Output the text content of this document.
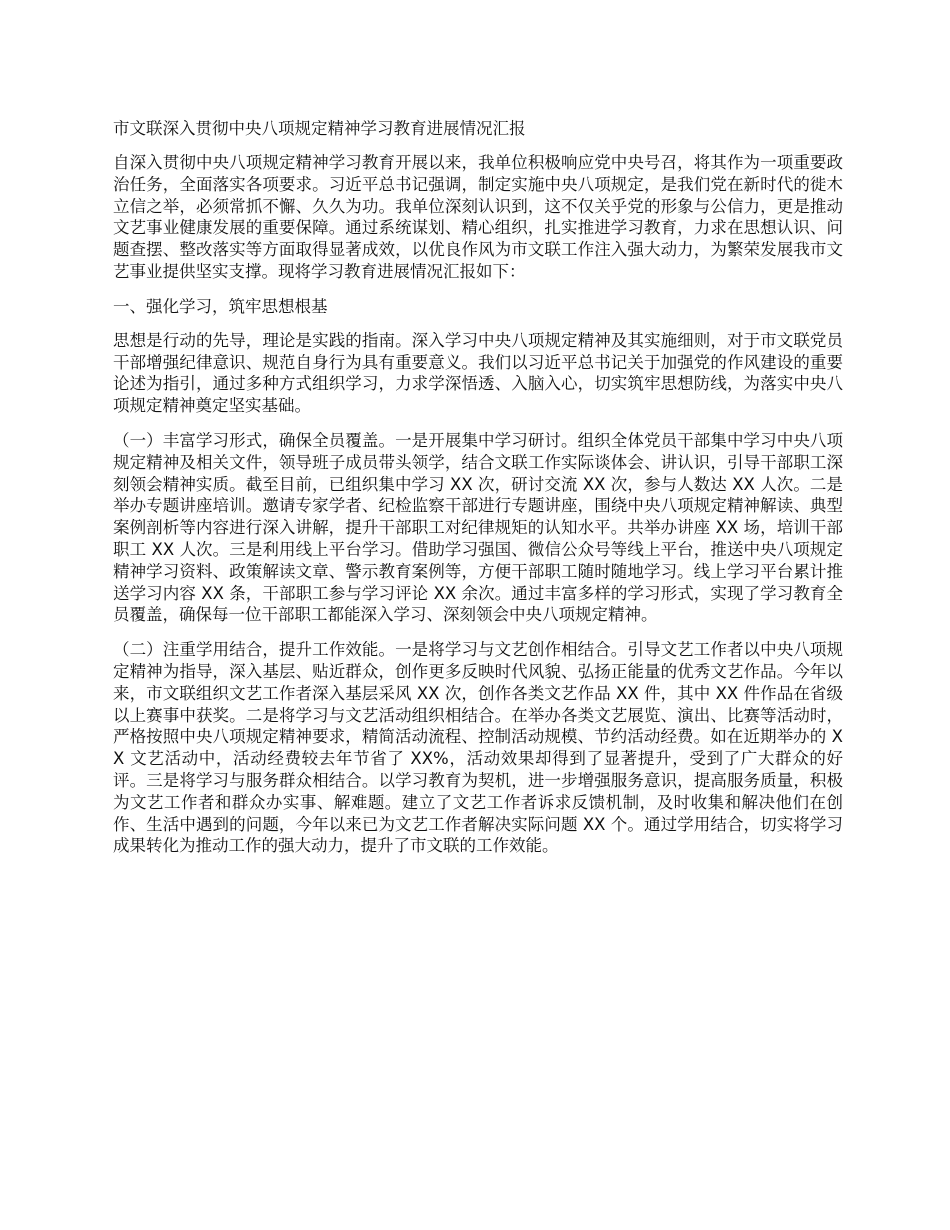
市文联深入贯彻中央八项规定精神学习教育进展情况汇报

自深入贯彻中央八项规定精神学习教育开展以来，我单位积极响应党中央号召，将其作为一项重要政治任务，全面落实各项要求。习近平总书记强调，制定实施中央八项规定，是我们党在新时代的徙木立信之举，必须常抓不懈、久久为功。我单位深刻认识到，这不仅关乎党的形象与公信力，更是推动文艺事业健康发展的重要保障。通过系统谋划、精心组织，扎实推进学习教育，力求在思想认识、问题查摆、整改落实等方面取得显著成效，以优良作风为市文联工作注入强大动力，为繁荣发展我市文艺事业提供坚实支撑。现将学习教育进展情况汇报如下：

一、强化学习，筑牢思想根基

思想是行动的先导，理论是实践的指南。深入学习中央八项规定精神及其实施细则，对于市文联党员干部增强纪律意识、规范自身行为具有重要意义。我们以习近平总书记关于加强党的作风建设的重要论述为指引，通过多种方式组织学习，力求学深悟透、入脑入心，切实筑牢思想防线，为落实中央八项规定精神奠定坚实基础。

（一）丰富学习形式，确保全员覆盖。一是开展集中学习研讨。组织全体党员干部集中学习中央八项规定精神及相关文件，领导班子成员带头领学，结合文联工作实际谈体会、讲认识，引导干部职工深刻领会精神实质。截至目前，已组织集中学习 XX 次，研讨交流 XX 次，参与人数达 XX 人次。二是举办专题讲座培训。邀请专家学者、纪检监察干部进行专题讲座，围绕中央八项规定精神解读、典型案例剖析等内容进行深入讲解，提升干部职工对纪律规矩的认知水平。共举办讲座 XX 场，培训干部职工 XX 人次。三是利用线上平台学习。借助学习强国、微信公众号等线上平台，推送中央八项规定精神学习资料、政策解读文章、警示教育案例等，方便干部职工随时随地学习。线上学习平台累计推送学习内容 XX 条，干部职工参与学习评论 XX 余次。通过丰富多样的学习形式，实现了学习教育全员覆盖，确保每一位干部职工都能深入学习、深刻领会中央八项规定精神。

（二）注重学用结合，提升工作效能。一是将学习与文艺创作相结合。引导文艺工作者以中央八项规定精神为指导，深入基层、贴近群众，创作更多反映时代风貌、弘扬正能量的优秀文艺作品。今年以来，市文联组织文艺工作者深入基层采风 XX 次，创作各类文艺作品 XX 件，其中 XX 件作品在省级以上赛事中获奖。二是将学习与文艺活动组织相结合。在举办各类文艺展览、演出、比赛等活动时，严格按照中央八项规定精神要求，精简活动流程、控制活动规模、节约活动经费。如在近期举办的 XX 文艺活动中，活动经费较去年节省了 XX%，活动效果却得到了显著提升，受到了广大群众的好评。三是将学习与服务群众相结合。以学习教育为契机，进一步增强服务意识，提高服务质量，积极为文艺工作者和群众办实事、解难题。建立了文艺工作者诉求反馈机制，及时收集和解决他们在创作、生活中遇到的问题，今年以来已为文艺工作者解决实际问题 XX 个。通过学用结合，切实将学习成果转化为推动工作的强大动力，提升了市文联的工作效能。
